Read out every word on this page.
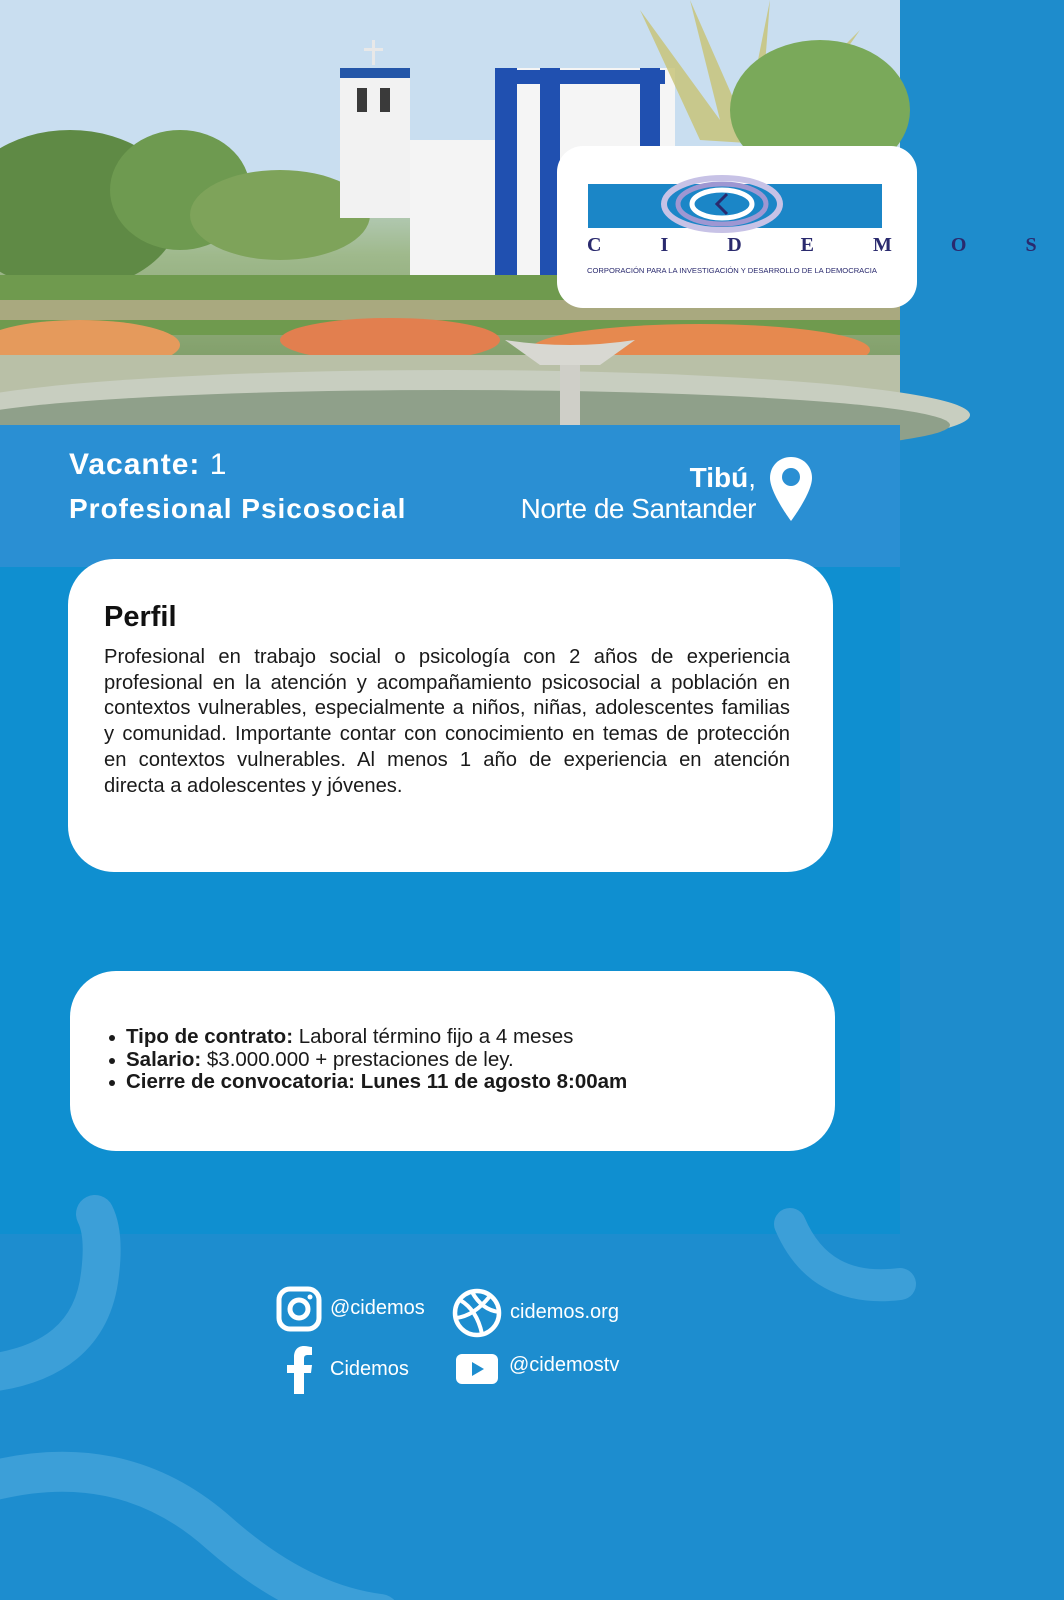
C I D E M O S
CORPORACIÓN PARA LA INVESTIGACIÓN Y DESARROLLO DE LA DEMOCRACIA
Vacante: 1
Profesional Psicosocial
Tibú,
Norte de Santander
Perfil
Profesional en trabajo social o psicología con 2 años de experiencia profesional en la atención y acompañamiento psicosocial a población en contextos vulnerables, especialmente a niños, niñas, adolescentes familias y comunidad. Importante contar con conocimiento en temas de protección en contextos vulnerables. Al menos 1 año de experiencia en atención directa a adolescentes y jóvenes.
Tipo de contrato: Laboral término fijo a 4 meses
Salario: $3.000.000 + prestaciones de ley.
Cierre de convocatoria: Lunes 11 de agosto 8:00am
@cidemos	cidemos.org
Cidemos	@cidemostv
